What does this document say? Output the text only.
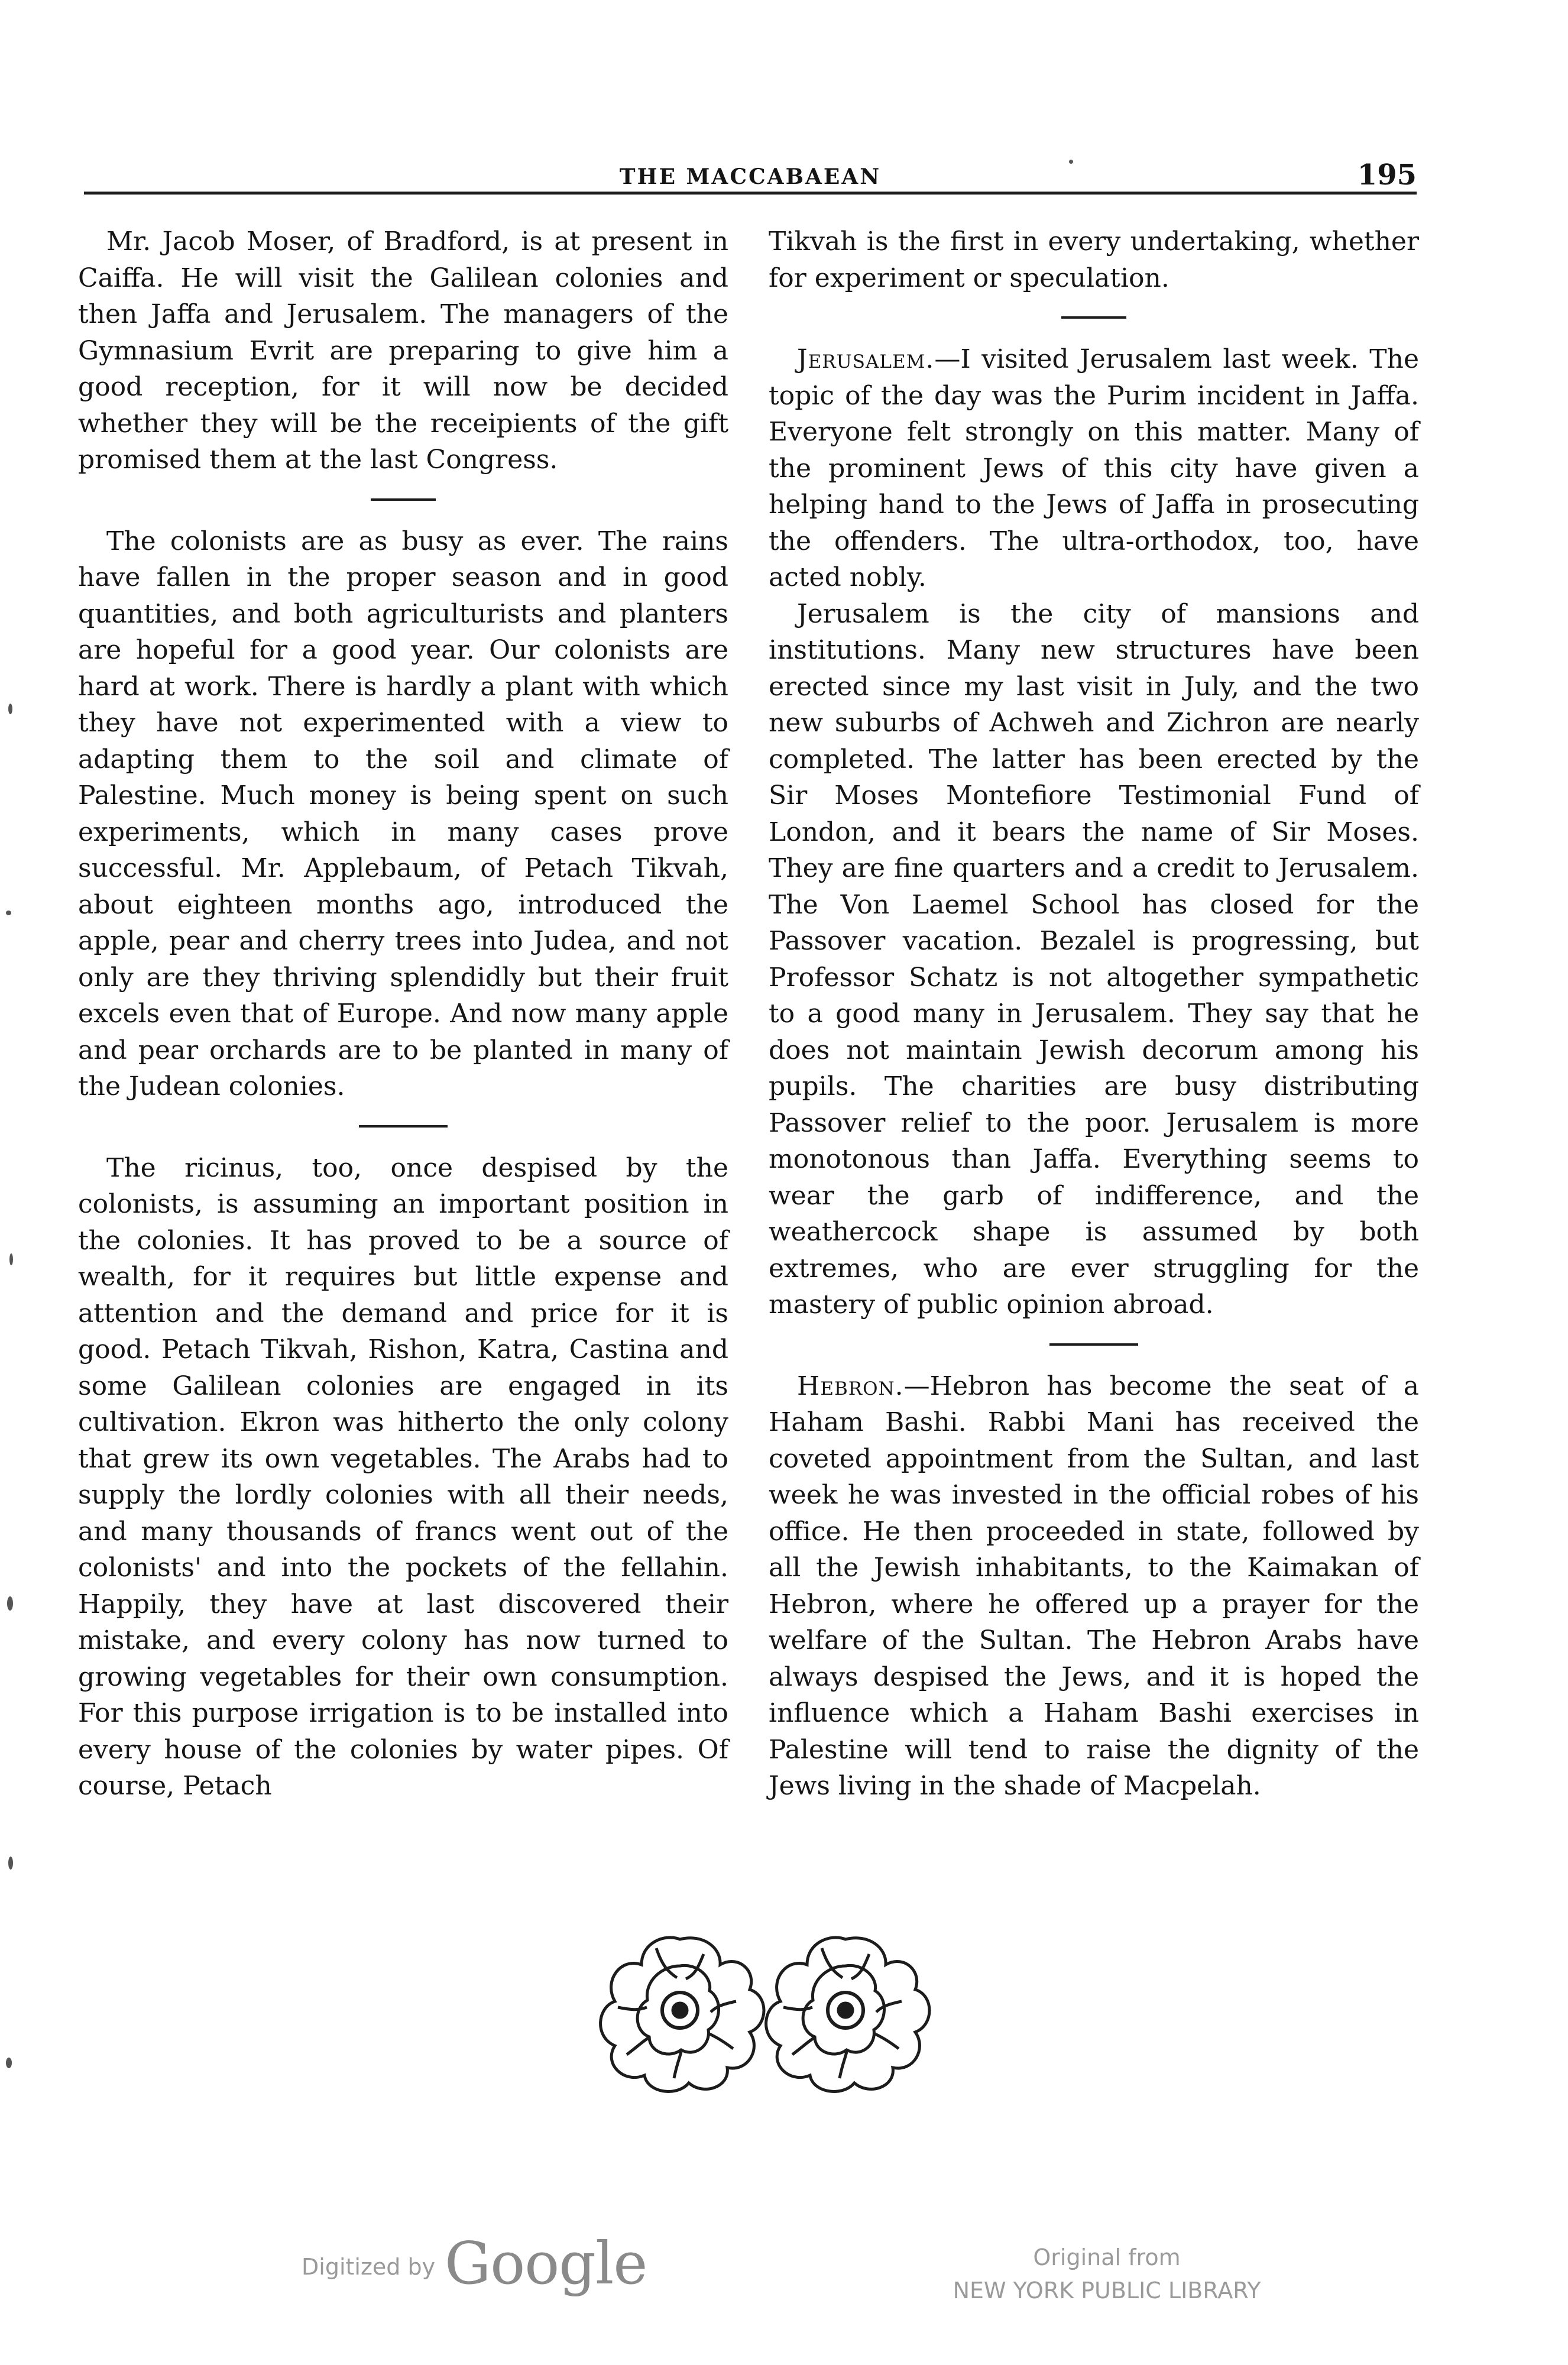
THE MACCABAEAN	195

Mr. Jacob Moser, of Bradford, is at present in Caiffa. He will visit the Galilean colonies and then Jaffa and Jerusalem. The managers of the Gymnasium Evrit are preparing to give him a good reception, for it will now be decided whether they will be the receipients of the gift promised them at the last Congress.

The colonists are as busy as ever. The rains have fallen in the proper season and in good quantities, and both agriculturists and planters are hopeful for a good year. Our colonists are hard at work. There is hardly a plant with which they have not experimented with a view to adapting them to the soil and climate of Palestine. Much money is being spent on such experiments, which in many cases prove successful. Mr. Applebaum, of Petach Tikvah, about eighteen months ago, introduced the apple, pear and cherry trees into Judea, and not only are they thriving splendidly but their fruit excels even that of Europe. And now many apple and pear orchards are to be planted in many of the Judean colonies.

The ricinus, too, once despised by the colonists, is assuming an important position in the colonies. It has proved to be a source of wealth, for it requires but little expense and attention and the demand and price for it is good. Petach Tikvah, Rishon, Katra, Castina and some Galilean colonies are engaged in its cultivation. Ekron was hitherto the only colony that grew its own vegetables. The Arabs had to supply the lordly colonies with all their needs, and many thousands of francs went out of the colonists' and into the pockets of the fellahin. Happily, they have at last discovered their mistake, and every colony has now turned to growing vegetables for their own consumption. For this purpose irrigation is to be installed into every house of the colonies by water pipes. Of course, Petach

Tikvah is the first in every undertaking, whether for experiment or speculation.

Jerusalem.—I visited Jerusalem last week. The topic of the day was the Purim incident in Jaffa. Everyone felt strongly on this matter. Many of the prominent Jews of this city have given a helping hand to the Jews of Jaffa in prosecuting the offenders. The ultra-orthodox, too, have acted nobly.

Jerusalem is the city of mansions and institutions. Many new structures have been erected since my last visit in July, and the two new suburbs of Achweh and Zichron are nearly completed. The latter has been erected by the Sir Moses Montefiore Testimonial Fund of London, and it bears the name of Sir Moses. They are fine quarters and a credit to Jerusalem. The Von Laemel School has closed for the Passover vacation. Bezalel is progressing, but Professor Schatz is not altogether sympathetic to a good many in Jerusalem. They say that he does not maintain Jewish decorum among his pupils. The charities are busy distributing Passover relief to the poor. Jerusalem is more monotonous than Jaffa. Everything seems to wear the garb of indifference, and the weathercock shape is assumed by both extremes, who are ever struggling for the mastery of public opinion abroad.

Hebron.—Hebron has become the seat of a Haham Bashi. Rabbi Mani has received the coveted appointment from the Sultan, and last week he was invested in the official robes of his office. He then proceeded in state, followed by all the Jewish inhabitants, to the Kaimakan of Hebron, where he offered up a prayer for the welfare of the Sultan. The Hebron Arabs have always despised the Jews, and it is hoped the influence which a Haham Bashi exercises in Palestine will tend to raise the dignity of the Jews living in the shade of Macpelah.

Digitized by Google	Original from
NEW YORK PUBLIC LIBRARY
